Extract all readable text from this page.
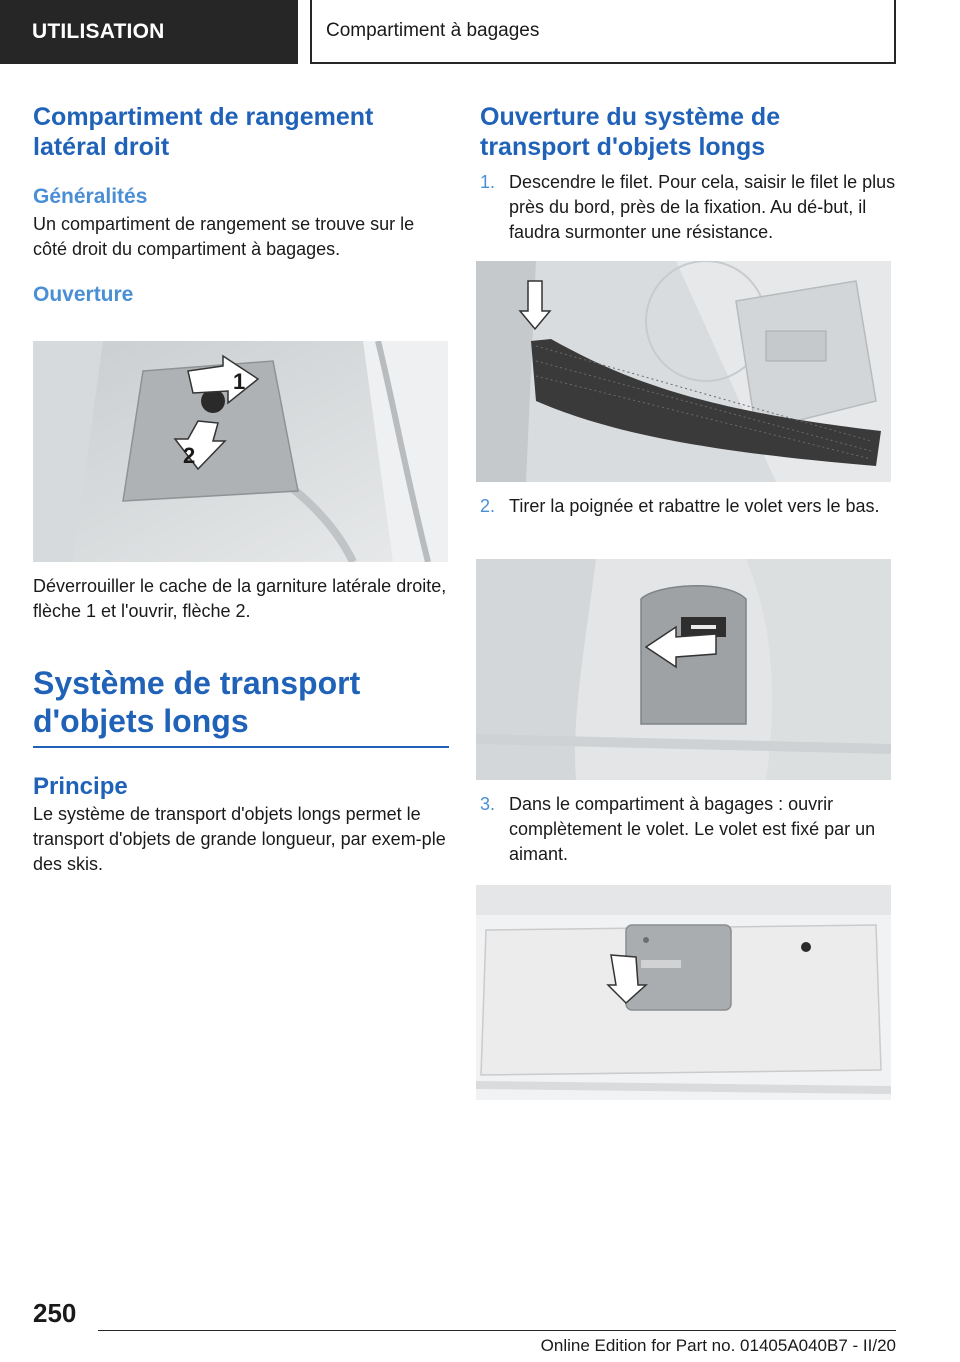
UTILISATION	Compartiment à bagages
Compartiment de rangement latéral droit
Généralités

Un compartiment de rangement se trouve sur le côté droit du compartiment à bagages.

Ouverture
1
2

Déverrouiller le cache de la garniture latérale droite, flèche 1 et l'ouvrir, flèche 2.

Système de transport d'objets longs
Principe

Le système de transport d'objets longs permet le transport d'objets de grande longueur, par exem-ple des skis.

Ouverture du système de transport d'objets longs
1. Descendre le filet. Pour cela, saisir le filet le plus près du bord, près de la fixation. Au dé-but, il faudra surmonter une résistance.
2. Tirer la poignée et rabattre le volet vers le bas.
3. Dans le compartiment à bagages : ouvrir complètement le volet. Le volet est fixé par un aimant.
250
Online Edition for Part no. 01405A040B7 - II/20
